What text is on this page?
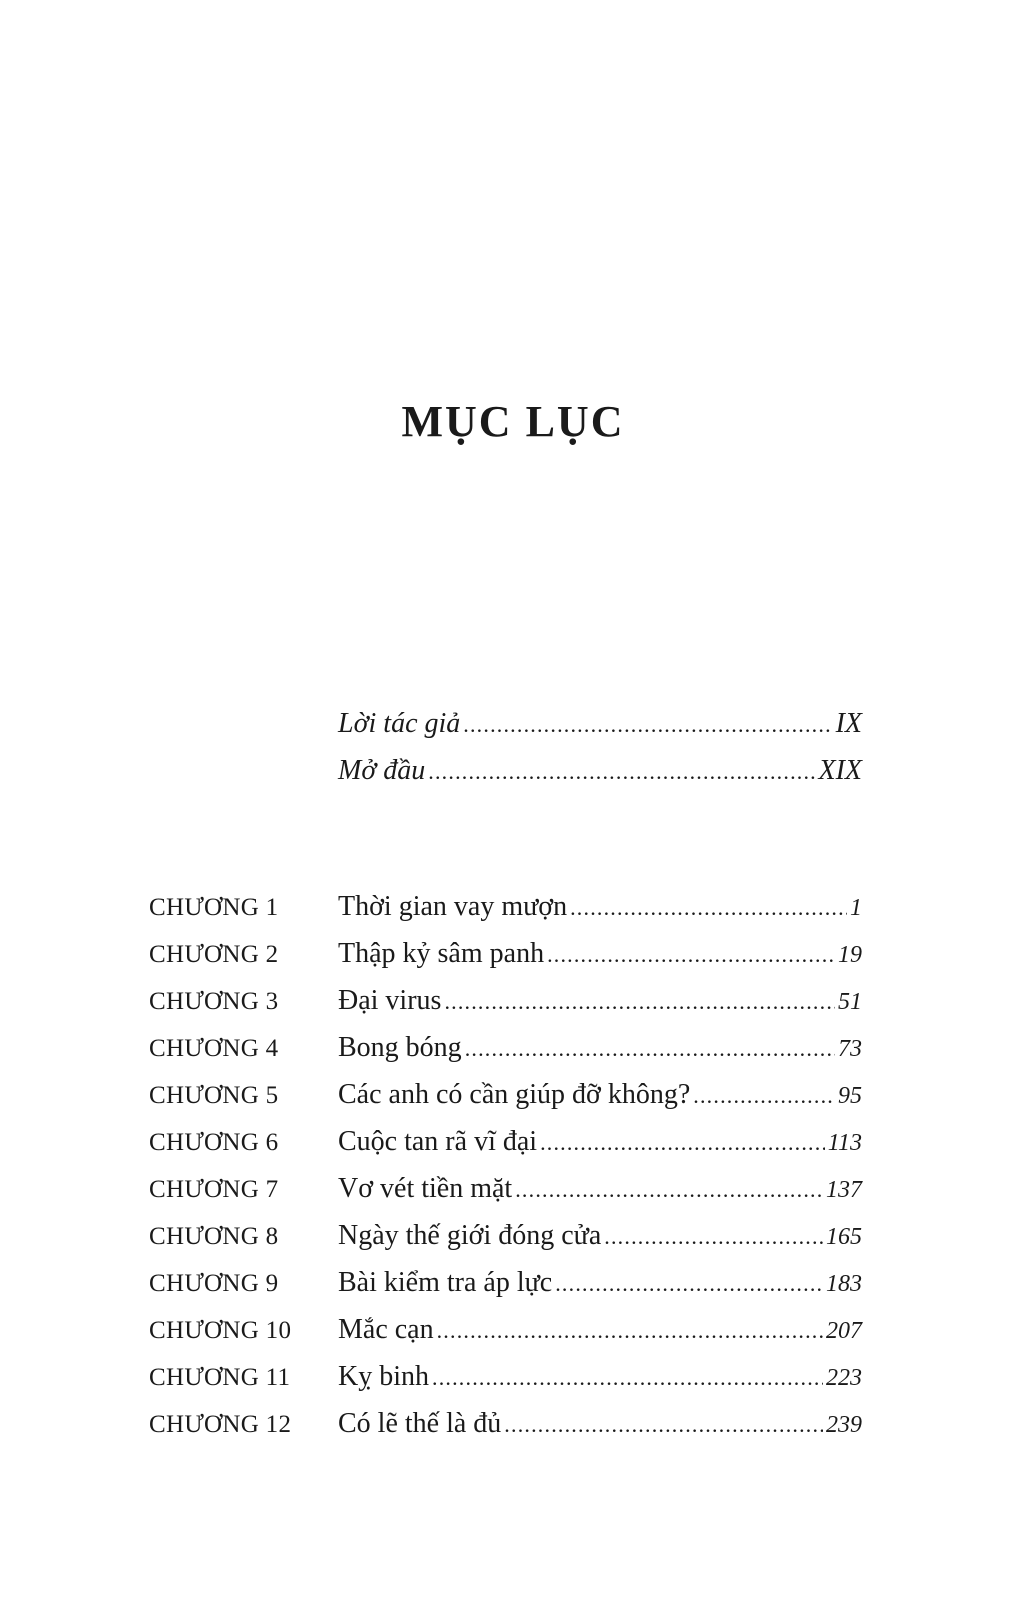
MỤC LỤC
Lời tác giả .....	IX
Mở đầu .....	XIX
CHƯƠNG 1	Thời gian vay mượn .....	1
CHƯƠNG 2	Thập kỷ sâm panh .....	19
CHƯƠNG 3	Đại virus .....	51
CHƯƠNG 4	Bong bóng .....	73
CHƯƠNG 5	Các anh có cần giúp đỡ không? .....	95
CHƯƠNG 6	Cuộc tan rã vĩ đại .....	113
CHƯƠNG 7	Vơ vét tiền mặt .....	137
CHƯƠNG 8	Ngày thế giới đóng cửa .....	165
CHƯƠNG 9	Bài kiểm tra áp lực .....	183
CHƯƠNG 10	Mắc cạn .....	207
CHƯƠNG 11	Kỵ binh .....	223
CHƯƠNG 12	Có lẽ thế là đủ .....	239
